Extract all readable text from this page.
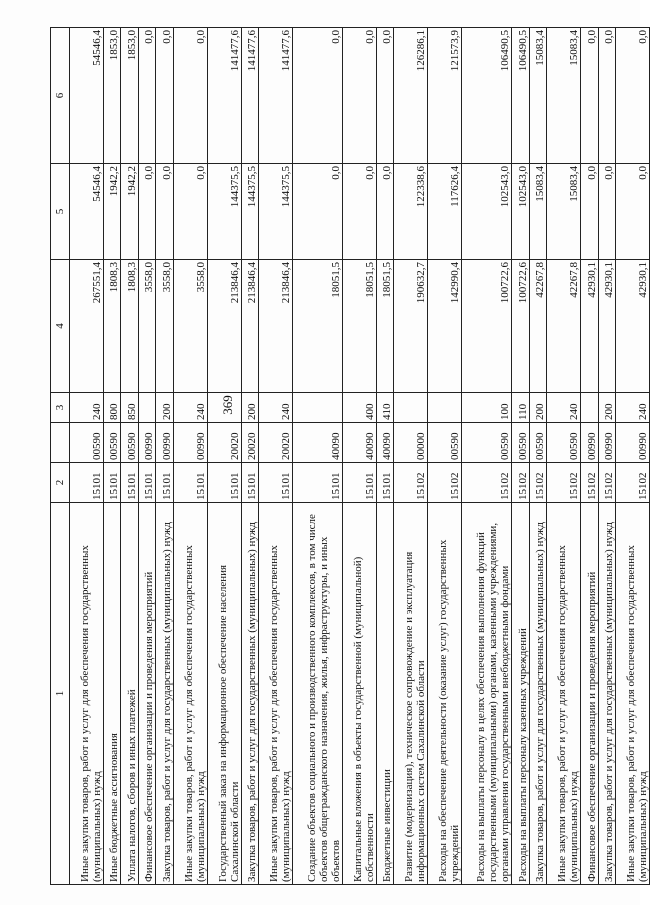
369
1	2		3	4	5	6
Иные закупки товаров, работ и услуг для обеспечения государственных (муниципальных) нужд	15101	00590	240	267551,4	54546,4	54546,4
Иные бюджетные ассигнования	15101	00590	800	1808,3	1942,2	1853,0
Уплата налогов, сборов и иных платежей	15101	00590	850	1808,3	1942,2	1853,0
Финансовое обеспечение организации и проведения мероприятий	15101	00990		3558,0	0,0	0,0
Закупка товаров, работ и услуг для государственных (муниципальных) нужд	15101	00990	200	3558,0	0,0	0,0
Иные закупки товаров, работ и услуг для обеспечения государственных (муниципальных) нужд	15101	00990	240	3558,0	0,0	0,0
Государственный заказ на информационное обеспечение населения Сахалинской области	15101	20020		213846,4	144375,5	141477,6
Закупка товаров, работ и услуг для государственных (муниципальных) нужд	15101	20020	200	213846,4	144375,5	141477,6
Иные закупки товаров, работ и услуг для обеспечения государственных (муниципальных) нужд	15101	20020	240	213846,4	144375,5	141477,6
Создание объектов социального и производственного комплексов, в том числе объектов общегражданского назначения, жилья, инфраструктуры, и иных объектов	15101	40090		18051,5	0,0	0,0
Капитальные вложения в объекты государственной (муниципальной) собственности	15101	40090	400	18051,5	0,0	0,0
Бюджетные инвестиции	15101	40090	410	18051,5	0,0	0,0
Развитие (модернизация), техническое сопровождение и эксплуатация информационных систем Сахалинской области	15102	00000		190632,7	122338,6	126286,1
Расходы на обеспечение деятельности (оказание услуг) государственных учреждений	15102	00590		142990,4	117626,4	121573,9
Расходы на выплаты персоналу в целях обеспечения выполнения функций государственными (муниципальными) органами, казенными учреждениями, органами управления государственными внебюджетными фондами	15102	00590	100	100722,6	102543,0	106490,5
Расходы на выплаты персоналу казенных учреждений	15102	00590	110	100722,6	102543,0	106490,5
Закупка товаров, работ и услуг для государственных (муниципальных) нужд	15102	00590	200	42267,8	15083,4	15083,4
Иные закупки товаров, работ и услуг для обеспечения государственных (муниципальных) нужд	15102	00590	240	42267,8	15083,4	15083,4
Финансовое обеспечение организации и проведения мероприятий	15102	00990		42930,1	0,0	0,0
Закупка товаров, работ и услуг для государственных (муниципальных) нужд	15102	00990	200	42930,1	0,0	0,0
Иные закупки товаров, работ и услуг для обеспечения государственных (муниципальных) нужд	15102	00990	240	42930,1	0,0	0,0
